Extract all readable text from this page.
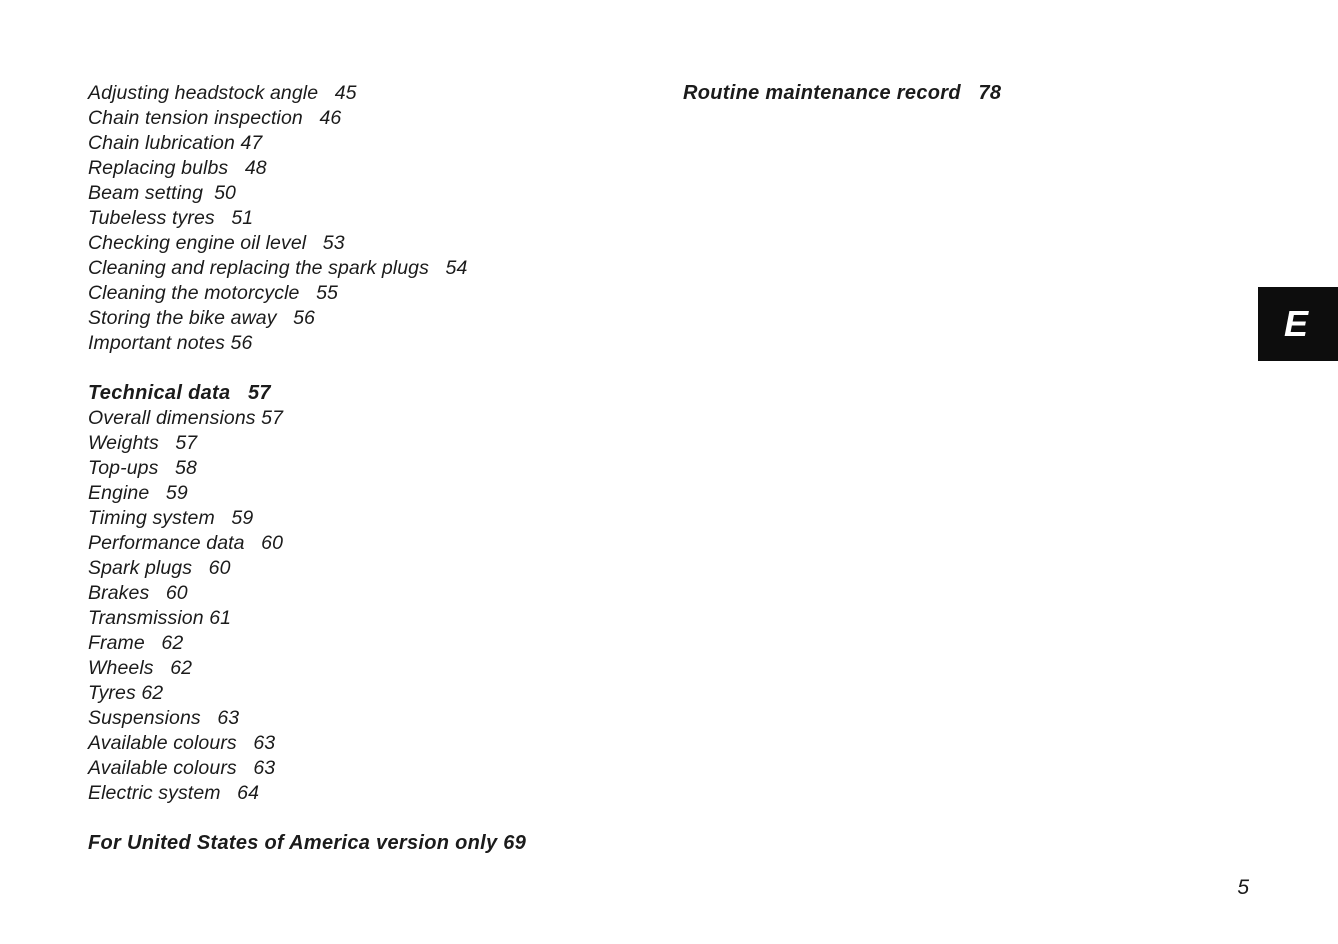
Adjusting headstock angle 45
Chain tension inspection 46
Chain lubrication 47
Replacing bulbs 48
Beam setting 50
Tubeless tyres 51
Checking engine oil level 53
Cleaning and replacing the spark plugs 54
Cleaning the motorcycle 55
Storing the bike away 56
Important notes 56
Technical data 57
Overall dimensions 57
Weights 57
Top-ups 58
Engine 59
Timing system 59
Performance data 60
Spark plugs 60
Brakes 60
Transmission 61
Frame 62
Wheels 62
Tyres 62
Suspensions 63
Available colours 63
Available colours 63
Electric system 64
For United States of America version only 69
Routine maintenance record 78
E
5
